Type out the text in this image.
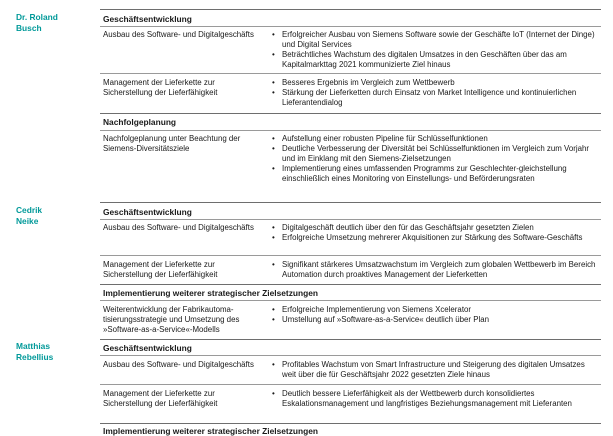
Dr. Roland
Busch
Cedrik
Neike
Matthias
Rebellius
Geschäftsentwicklung
Ausbau des Software- und Digitalgeschäfts	• Erfolgreicher Ausbau von Siemens Software sowie der Geschäfte IoT (Internet der Dinge) und Digital Services
• Beträchtliches Wachstum des digitalen Umsatzes in den Geschäften über das am Kapitalmarkttag 2021 kommunizierte Ziel hinaus
Management der Lieferkette zur Sicherstellung der Lieferfähigkeit
• Besseres Ergebnis im Vergleich zum Wettbewerb
• Stärkung der Lieferketten durch Einsatz von Market Intelligence und kontinuierlichen Lieferantendialog
Nachfolgeplanung
Nachfolgeplanung unter Beachtung der Siemens-Diversitätsziele
• Aufstellung einer robusten Pipeline für Schlüsselfunktionen
• Deutliche Verbesserung der Diversität bei Schlüsselfunktionen im Vergleich zum Vorjahr und im Einklang mit den Siemens-Zielsetzungen
• Implementierung eines umfassenden Programms zur Geschlechter-gleichstellung einschließlich eines Monitoring von Einstellungs- und Beförderungsraten
Geschäftsentwicklung
Ausbau des Software- und Digitalgeschäfts	• Digitalgeschäft deutlich über den für das Geschäftsjahr gesetzten Zielen
• Erfolgreiche Umsetzung mehrerer Akquisitionen zur Stärkung des Software-Geschäfts
Management der Lieferkette zur Sicherstellung der Lieferfähigkeit
• Signifikant stärkeres Umsatzwachstum im Vergleich zum globalen Wettbewerb im Bereich Automation durch proaktives Management der Lieferketten
Implementierung weiterer strategischer Zielsetzungen
Weiterentwicklung der Fabrikautoma-tisierungsstrategie und Umsetzung des »Software-as-a-Service«-Modells
• Erfolgreiche Implementierung von Siemens Xcelerator
• Umstellung auf »Software-as-a-Service« deutlich über Plan
Geschäftsentwicklung
Ausbau des Software- und Digitalgeschäfts	• Profitables Wachstum von Smart Infrastructure und Steigerung des digitalen Umsatzes weit über die für Geschäftsjahr 2022 gesetzten Ziele hinaus
Management der Lieferkette zur Sicherstellung der Lieferfähigkeit
• Deutlich bessere Lieferfähigkeit als der Wettbewerb durch konsolidiertes Eskalationsmanagement und langfristiges Beziehungsmanagement mit Lieferanten
Implementierung weiterer strategischer Zielsetzungen
